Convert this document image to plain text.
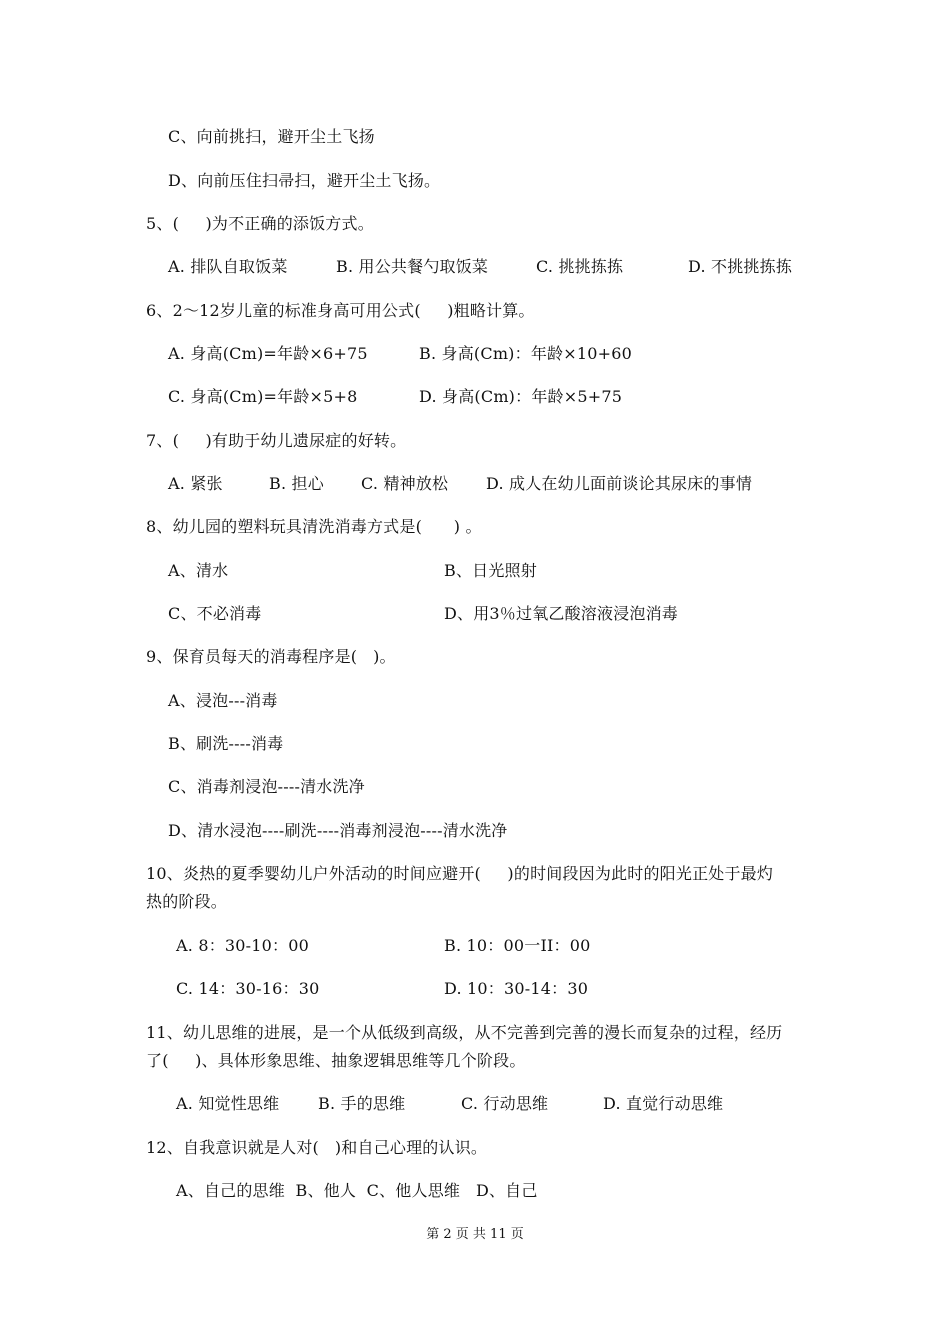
C、向前挑扫，避开尘土飞扬
D、向前压住扫帚扫，避开尘土飞扬。
5、(     )为不正确的添饭方式。
A. 排队自取饭菜	B. 用公共餐勺取饭菜	C. 挑挑拣拣	D. 不挑挑拣拣
6、2～12岁儿童的标准身高可用公式(     )粗略计算。
A. 身高(Cm)=年龄×6+75	B. 身高(Cm)：年龄×10+60
C. 身高(Cm)=年龄×5+8	D. 身高(Cm)：年龄×5+75
7、(     )有助于幼儿遗尿症的好转。
A. 紧张	B. 担心 C. 精神放松 D. 成人在幼儿面前谈论其尿床的事情
8、幼儿园的塑料玩具清洗消毒方式是(      ) 。
A、清水	B、日光照射
C、不必消毒	D、用3％过氧乙酸溶液浸泡消毒
9、保育员每天的消毒程序是(   )。
A、浸泡---消毒
B、刷洗----消毒
C、消毒剂浸泡----清水洗净
D、清水浸泡----刷洗----消毒剂浸泡----清水洗净
10、炎热的夏季婴幼儿户外活动的时间应避开(     )的时间段因为此时的阳光正处于最灼
热的阶段。
A. 8：30-10：00	B. 10：00一II：00
C. 14：30-16：30	D. 10：30-14：30
11、幼儿思维的进展，是一个从低级到高级，从不完善到完善的漫长而复杂的过程，经历
了(     )、具体形象思维、抽象逻辑思维等几个阶段。
A. 知觉性思维 B. 手的思维	C. 行动思维	D. 直觉行动思维
12、自我意识就是人对(   )和自己心理的认识。
A、自己的思维  B、他人  C、他人思维   D、自己
第 2 页 共 11 页
